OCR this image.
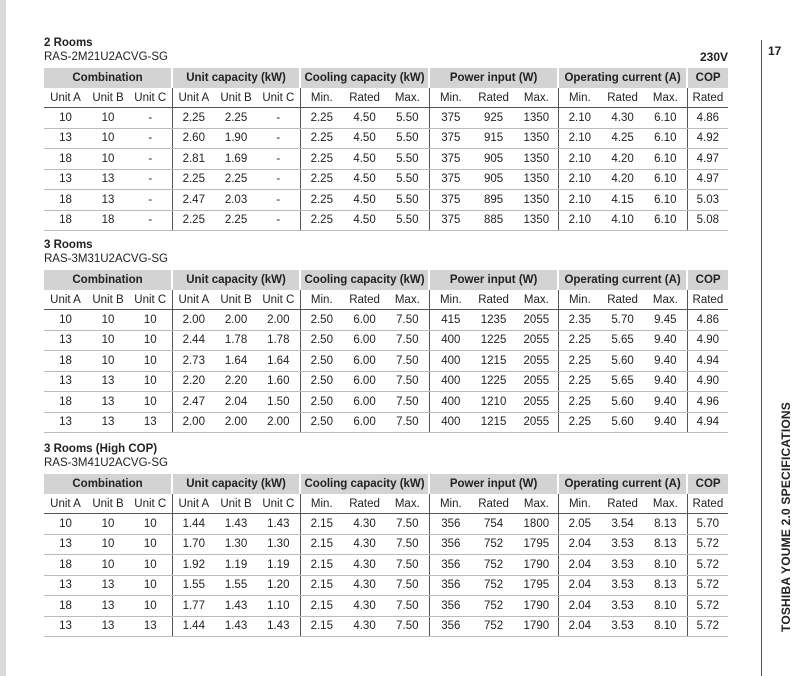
17
TOSHIBA YOUME 2.0 SPECIFICATIONS
2 Rooms
RAS-2M21U2ACVG-SG	230V
Combination			Unit capacity (kW)			Cooling capacity (kW)			Power input (W)			Operating current (A)			COP
Unit A	Unit B	Unit C	Unit A	Unit B	Unit C	Min.	Rated	Max.	Min.	Rated	Max.	Min.	Rated	Max.	Rated
10	10	-	2.25	2.25	-	2.25	4.50	5.50	375	925	1350	2.10	4.30	6.10	4.86
13	10	-	2.60	1.90	-	2.25	4.50	5.50	375	915	1350	2.10	4.25	6.10	4.92
18	10	-	2.81	1.69	-	2.25	4.50	5.50	375	905	1350	2.10	4.20	6.10	4.97
13	13	-	2.25	2.25	-	2.25	4.50	5.50	375	905	1350	2.10	4.20	6.10	4.97
18	13	-	2.47	2.03	-	2.25	4.50	5.50	375	895	1350	2.10	4.15	6.10	5.03
18	18	-	2.25	2.25	-	2.25	4.50	5.50	375	885	1350	2.10	4.10	6.10	5.08
3 Rooms
RAS-3M31U2ACVG-SG
Combination			Unit capacity (kW)			Cooling capacity (kW)			Power input (W)			Operating current (A)			COP
Unit A	Unit B	Unit C	Unit A	Unit B	Unit C	Min.	Rated	Max.	Min.	Rated	Max.	Min.	Rated	Max.	Rated
10	10	10	2.00	2.00	2.00	2.50	6.00	7.50	415	1235	2055	2.35	5.70	9.45	4.86
13	10	10	2.44	1.78	1.78	2.50	6.00	7.50	400	1225	2055	2.25	5.65	9.40	4.90
18	10	10	2.73	1.64	1.64	2.50	6.00	7.50	400	1215	2055	2.25	5.60	9.40	4.94
13	13	10	2.20	2.20	1.60	2.50	6.00	7.50	400	1225	2055	2.25	5.65	9.40	4.90
18	13	10	2.47	2.04	1.50	2.50	6.00	7.50	400	1210	2055	2.25	5.60	9.40	4.96
13	13	13	2.00	2.00	2.00	2.50	6.00	7.50	400	1215	2055	2.25	5.60	9.40	4.94
3 Rooms (High COP)
RAS-3M41U2ACVG-SG
Combination			Unit capacity (kW)			Cooling capacity (kW)			Power input (W)			Operating current (A)			COP
Unit A	Unit B	Unit C	Unit A	Unit B	Unit C	Min.	Rated	Max.	Min.	Rated	Max.	Min.	Rated	Max.	Rated
10	10	10	1.44	1.43	1.43	2.15	4.30	7.50	356	754	1800	2.05	3.54	8.13	5.70
13	10	10	1.70	1.30	1.30	2.15	4.30	7.50	356	752	1795	2.04	3.53	8.13	5.72
18	10	10	1.92	1.19	1.19	2.15	4.30	7.50	356	752	1790	2.04	3.53	8.10	5.72
13	13	10	1.55	1.55	1.20	2.15	4.30	7.50	356	752	1795	2.04	3.53	8.13	5.72
18	13	10	1.77	1.43	1.10	2.15	4.30	7.50	356	752	1790	2.04	3.53	8.10	5.72
13	13	13	1.44	1.43	1.43	2.15	4.30	7.50	356	752	1790	2.04	3.53	8.10	5.72
